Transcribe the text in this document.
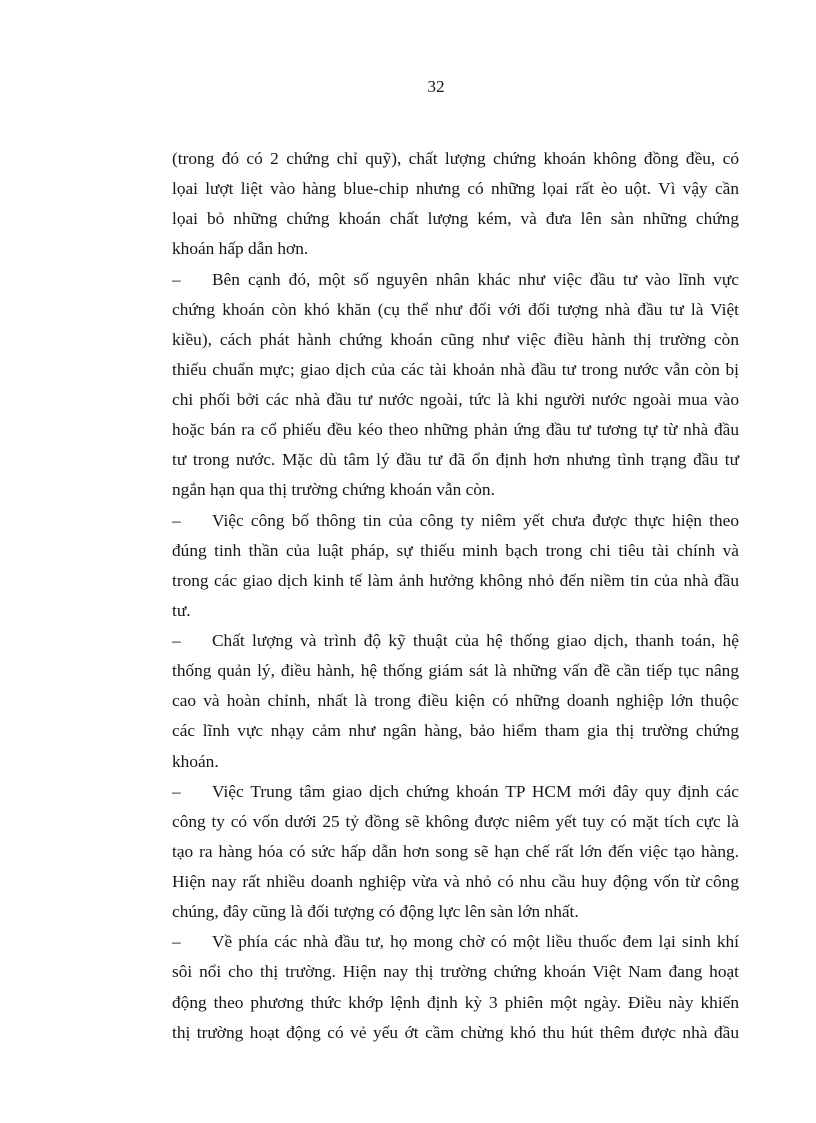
32
(trong đó có 2 chứng chỉ quỹ), chất lượng chứng khoán không đồng đều, có
lọai lượt liệt vào hàng blue-chip nhưng có những lọai rất èo uột. Vì vậy cần
lọai bỏ những chứng khoán chất lượng kém, và đưa lên sàn những chứng
khoán hấp dẫn hơn.
– Bên cạnh đó, một số nguyên nhân khác như việc đầu tư vào lĩnh vực
chứng khoán còn khó khăn (cụ thể như đối với đối tượng nhà đầu tư là Việt
kiều), cách phát hành chứng khoán cũng như việc điều hành thị trường còn
thiếu chuẩn mực; giao dịch của các tài khoản nhà đầu tư trong nước vẫn còn bị
chi phối bởi các nhà đầu tư nước ngoài, tức là khi người nước ngoài mua vào
hoặc bán ra cổ phiếu đều kéo theo những phản ứng đầu tư tương tự từ nhà đầu
tư trong nước. Mặc dù tâm lý đầu tư đã ổn định hơn nhưng tình trạng đầu tư
ngắn hạn qua thị trường chứng khoán vẫn còn.
– Việc công bố thông tin của công ty niêm yết chưa được thực hiện theo
đúng tinh thần của luật pháp, sự thiếu minh bạch trong chi tiêu tài chính và
trong các giao dịch kinh tế làm ảnh hưởng không nhỏ đến niềm tin của nhà đầu
tư.
– Chất lượng và trình độ kỹ thuật của hệ thống giao dịch, thanh toán, hệ
thống quản lý, điều hành, hệ thống giám sát là những vấn đề cần tiếp tục nâng
cao và hoàn chỉnh, nhất là trong điều kiện có những doanh nghiệp lớn thuộc
các lĩnh vực nhạy cảm như ngân hàng, bảo hiểm tham gia thị trường chứng
khoán.
– Việc Trung tâm giao dịch chứng khoán TP HCM mới đây quy định các
công ty có vốn dưới 25 tỷ đồng sẽ không được niêm yết tuy có mặt tích cực là
tạo ra hàng hóa có sức hấp dẫn hơn song sẽ hạn chế rất lớn đến việc tạo hàng.
Hiện nay rất nhiều doanh nghiệp vừa và nhỏ có nhu cầu huy động vốn từ công
chúng, đây cũng là đối tượng có động lực lên sàn lớn nhất.
– Về phía các nhà đầu tư, họ mong chờ có một liều thuốc đem lại sinh khí
sôi nổi cho thị trường. Hiện nay thị trường chứng khoán Việt Nam đang hoạt
động theo phương thức khớp lệnh định kỳ 3 phiên một ngày. Điều này khiến
thị trường hoạt động có vẻ yếu ớt cầm chừng khó thu hút thêm được nhà đầu
